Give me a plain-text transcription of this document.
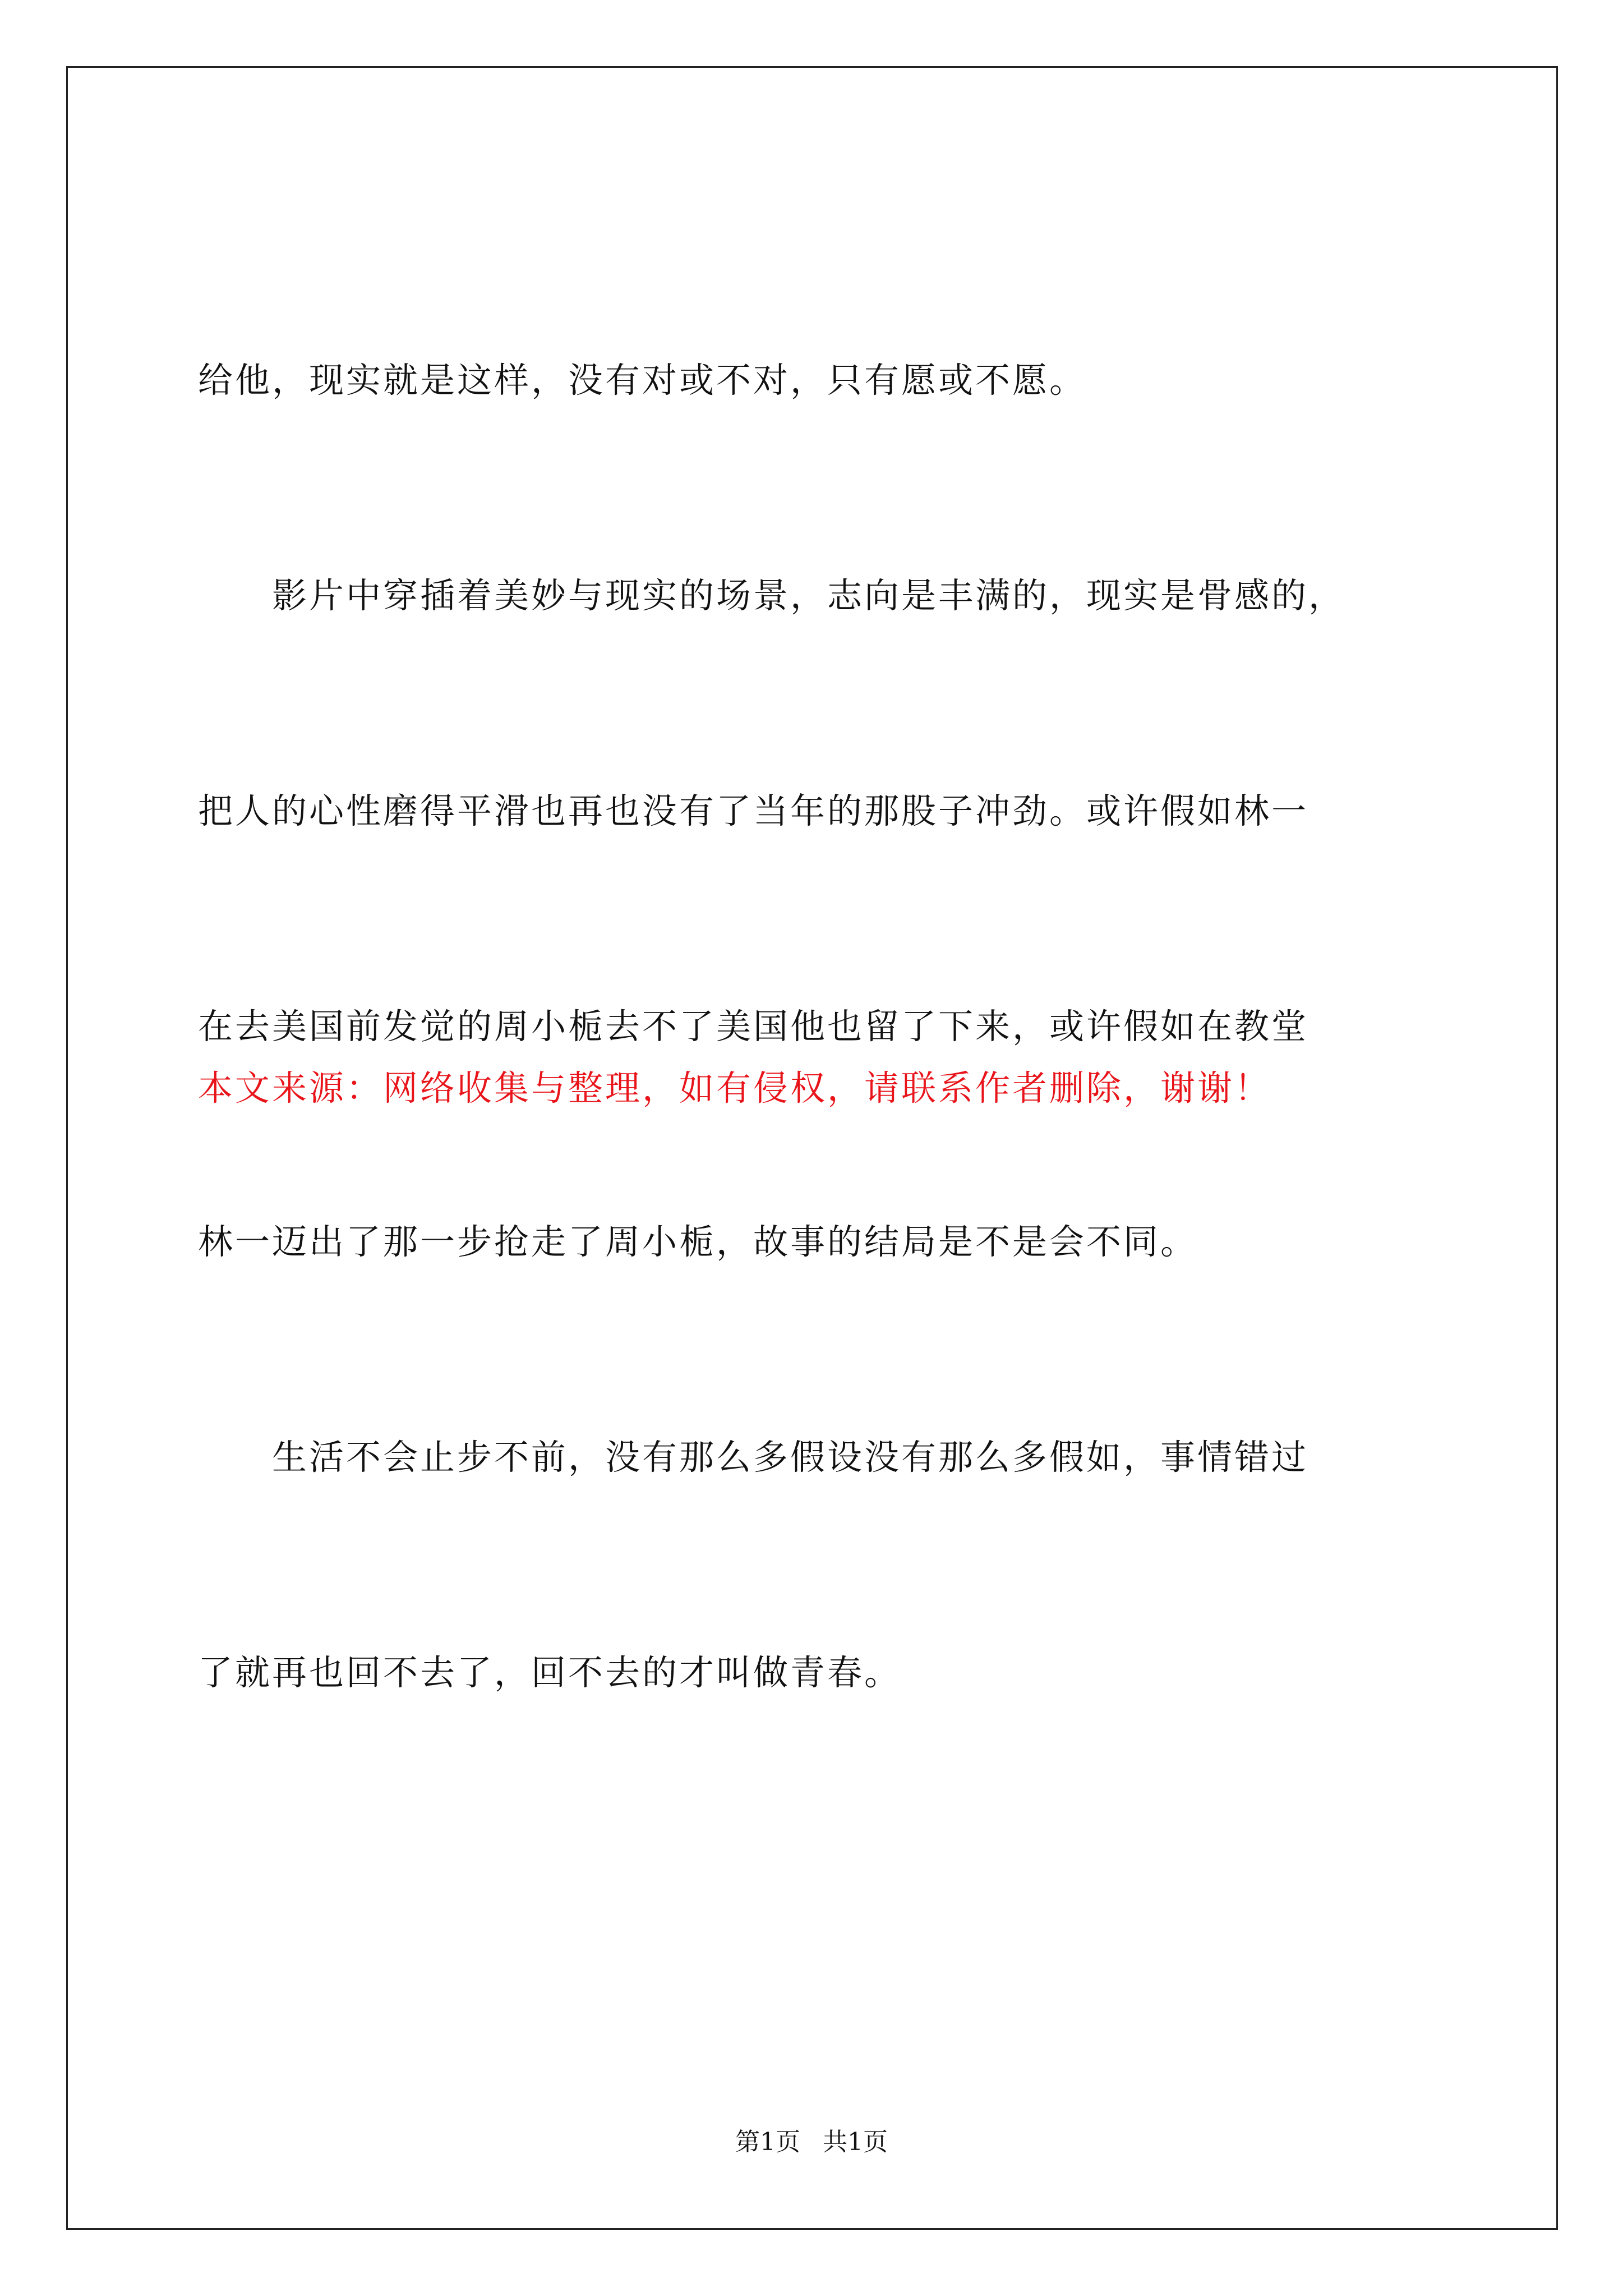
给他，现实就是这样，没有对或不对，只有愿或不愿。

　　影片中穿插着美妙与现实的场景，志向是丰满的，现实是骨感的，

把人的心性磨得平滑也再也没有了当年的那股子冲劲。或许假如林一

在去美国前发觉的周小栀去不了美国他也留了下来，或许假如在教堂

林一迈出了那一步抢走了周小栀，故事的结局是不是会不同。

　　生活不会止步不前，没有那么多假设没有那么多假如，事情错过

了就再也回不去了，回不去的才叫做青春。

本文来源：网络收集与整理，如有侵权，请联系作者删除，谢谢！
第1页 共1页
